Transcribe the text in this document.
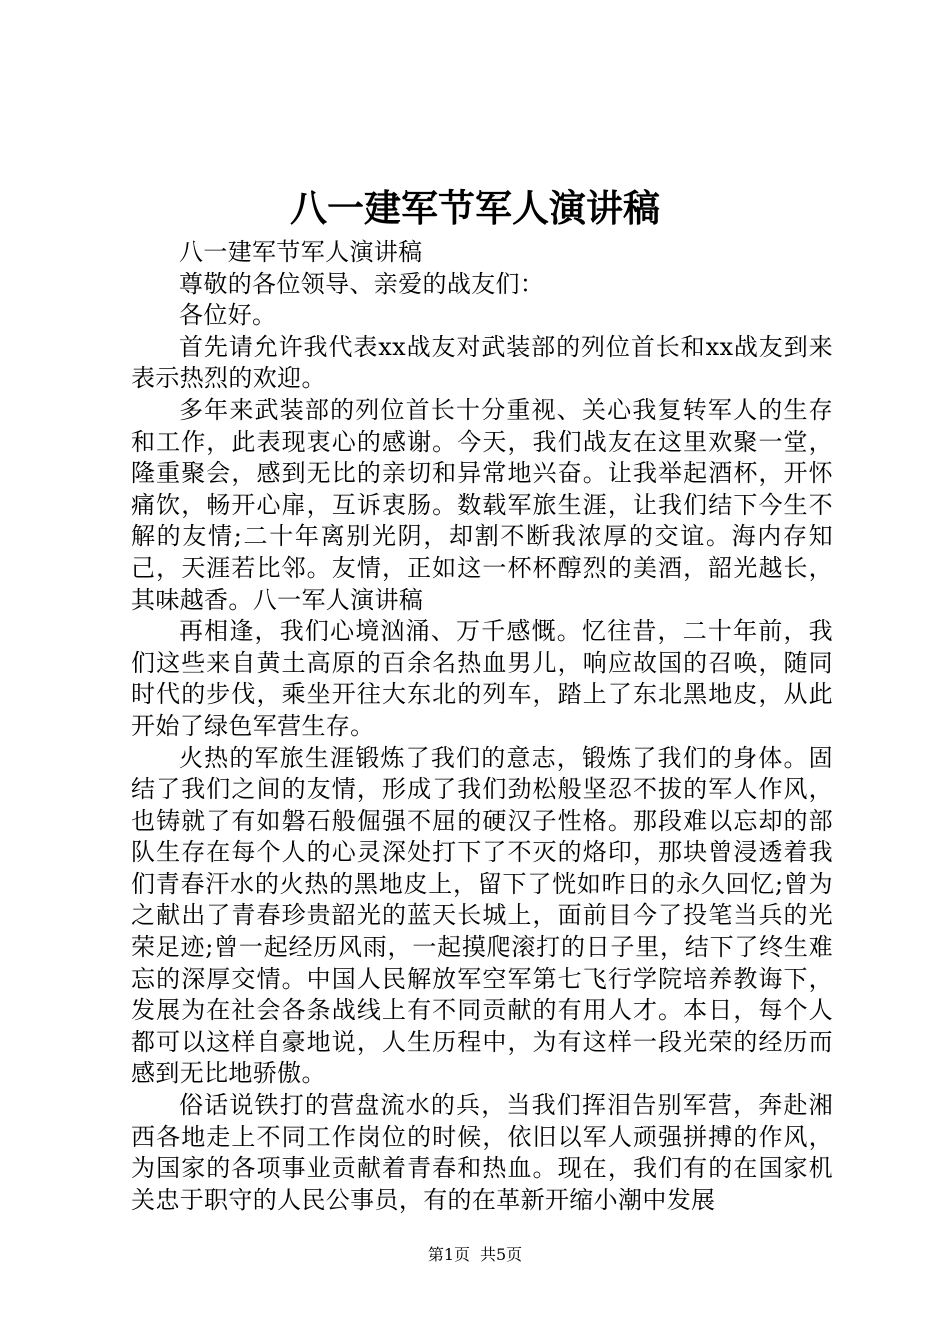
八一建军节军人演讲稿

八一建军节军人演讲稿

尊敬的各位领导、亲爱的战友们：

各位好。

首先请允许我代表xx战友对武装部的列位首长和xx战友到来表示热烈的欢迎。

多年来武装部的列位首长十分重视、关心我复转军人的生存和工作，此表现衷心的感谢。今天，我们战友在这里欢聚一堂，隆重聚会，感到无比的亲切和异常地兴奋。让我举起酒杯，开怀痛饮，畅开心扉，互诉衷肠。数载军旅生涯，让我们结下今生不解的友情;二十年离别光阴，却割不断我浓厚的交谊。海内存知己，天涯若比邻。友情，正如这一杯杯醇烈的美酒，韶光越长，其味越香。八一军人演讲稿

再相逢，我们心境汹涌、万千感慨。忆往昔，二十年前，我们这些来自黄土高原的百余名热血男儿，响应故国的召唤，随同时代的步伐，乘坐开往大东北的列车，踏上了东北黑地皮，从此开始了绿色军营生存。

火热的军旅生涯锻炼了我们的意志，锻炼了我们的身体。固结了我们之间的友情，形成了我们劲松般坚忍不拔的军人作风，也铸就了有如磐石般倔强不屈的硬汉子性格。那段难以忘却的部队生存在每个人的心灵深处打下了不灭的烙印，那块曾浸透着我们青春汗水的火热的黑地皮上，留下了恍如昨日的永久回忆;曾为之献出了青春珍贵韶光的蓝天长城上，面前目今了投笔当兵的光荣足迹;曾一起经历风雨，一起摸爬滚打的日子里，结下了终生难忘的深厚交情。中国人民解放军空军第七飞行学院培养教诲下，发展为在社会各条战线上有不同贡献的有用人才。本日，每个人都可以这样自豪地说，人生历程中，为有这样一段光荣的经历而感到无比地骄傲。

俗话说铁打的营盘流水的兵，当我们挥泪告别军营，奔赴湘西各地走上不同工作岗位的时候，依旧以军人顽强拼搏的作风，为国家的各项事业贡献着青春和热血。现在，我们有的在国家机关忠于职守的人民公事员，有的在革新开缩小潮中发展

第1页 共5页
